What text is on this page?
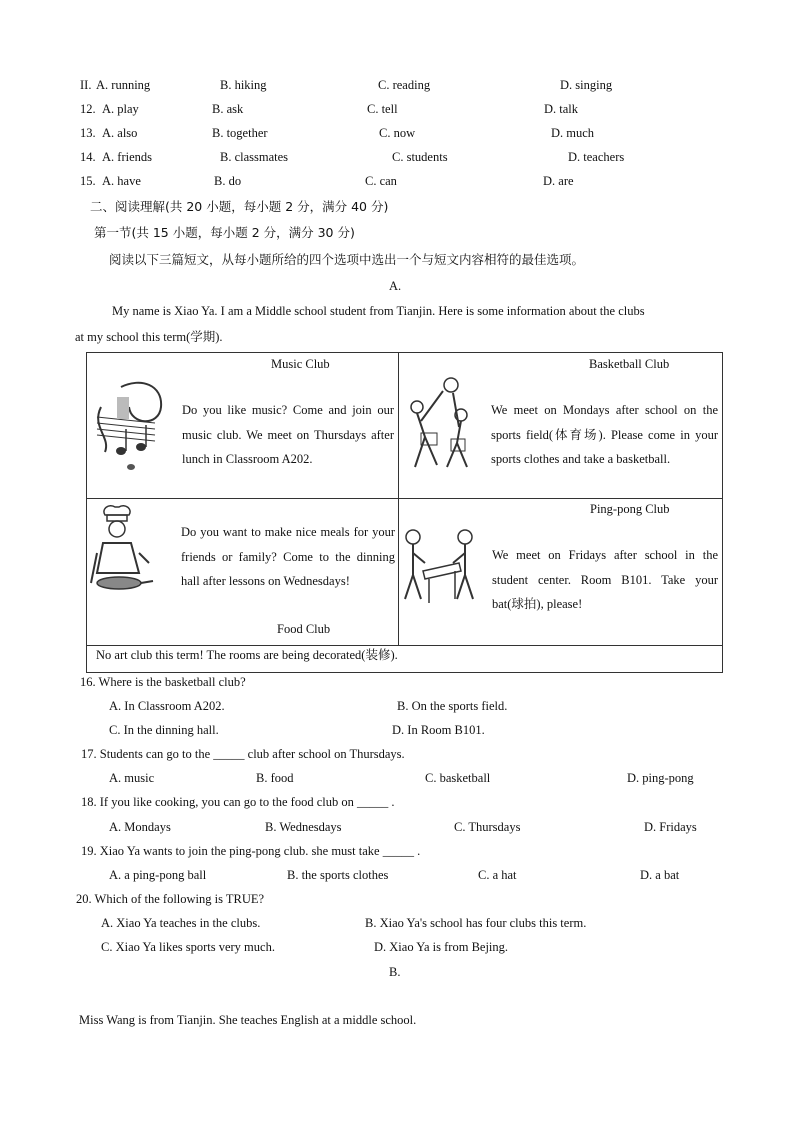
II. A. running	B. hiking	C. reading	D. singing
12. A. play	B. ask	C. tell	D. talk
13. A. also	B. together	C. now	D. much
14. A. friends	B. classmates	C. students	D. teachers
15. A. have	B. do	C. can	D. are
二、阅读理解(共 20 小题，每小题 2 分，满分 40 分)
第一节(共 15 小题，每小题 2 分，满分 30 分)
阅读以下三篇短文，从每小题所给的四个选项中选出一个与短文内容相符的最佳选项。
A.
My name is Xiao Ya. I am a Middle school student from Tianjin. Here is some information about the clubs
at my school this term(学期).
Music Club
Do you like music? Come and join our music club. We meet on Thursdays after lunch in Classroom A202.
Basketball Club
We meet on Mondays after school on the sports field(体育场). Please come in your sports clothes and take a basketball.
Do you want to make nice meals for your friends or family? Come to the dinning hall after lessons on Wednesdays!
Food Club
Ping-pong Club
We meet on Fridays after school in the student center. Room B101. Take your bat(球拍), please!
No art club this term! The rooms are being decorated(装修).
16. Where is the basketball club?
A. In Classroom A202.	B. On the sports field.
C. In the dinning hall.	D. In Room B101.
17. Students can go to the _____ club after school on Thursdays.
A. music	B. food	C. basketball	D. ping-pong
18. If you like cooking, you can go to the food club on _____ .
A. Mondays	B. Wednesdays	C. Thursdays	D. Fridays
19. Xiao Ya wants to join the ping-pong club. she must take _____ .
A. a ping-pong ball	B. the sports clothes	C. a hat	D. a bat
20. Which of the following is TRUE?
A. Xiao Ya teaches in the clubs.	B. Xiao Ya's school has four clubs this term.
C. Xiao Ya likes sports very much.	D. Xiao Ya is from Bejing.
B.
Miss Wang is from Tianjin. She teaches English at a middle school.
